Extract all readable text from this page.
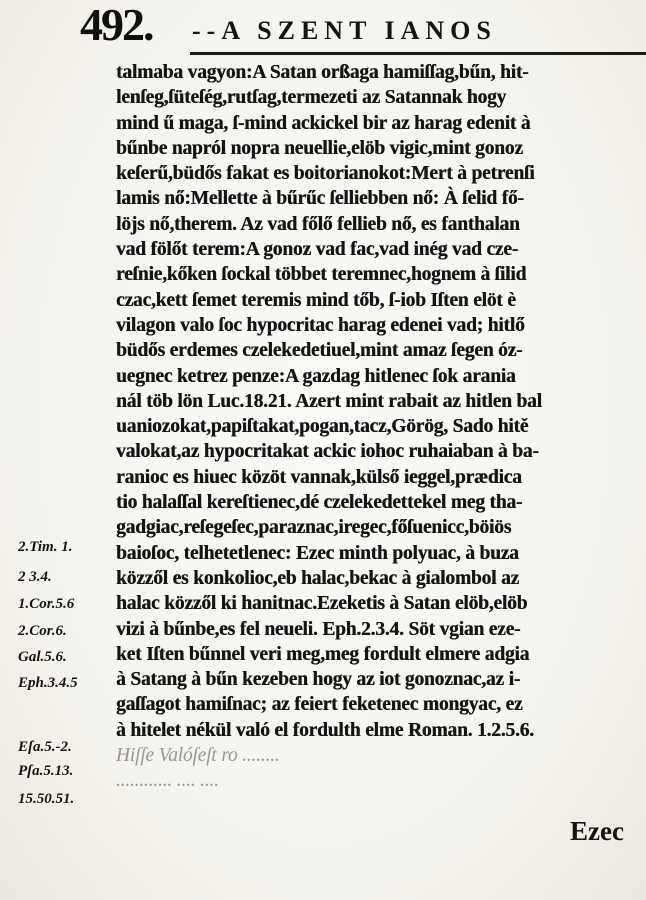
492. --A SZENT IANOS
talmaba vagyon:A Satan orßaga hamiſſag,bűn, hit-
lenſeg,ſüteſég,rutſag,termezeti az Satannak hogy
mind ű maga, ſ-mind ackickel bir az harag edenit à
bűnbe napról nopra neuellie,elöb vigic,mint gonoz
keſerű,büdős fakat es boitorianokot:Mert à petrenſi
lamis nő:Mellette à bűrűc ſelliebben nő: À ſelid fő-
löjs nő,therem. Az vad főlő fellieb nő, es fanthalan
vad fölőt terem:A gonoz vad fac,vad inég vad cze-
reſnie,kőken ſockal többet teremnec,hognem à ſilid
czac,kett ſemet teremis mind tőb, ſ-iob Iſten elöt è
vilagon valo ſoc hypocritac harag edenei vad; hitlő
büdős erdemes czelekedetiuel,mint amaz ſegen óz-
uegnec ketrez penze:A gazdag hitlenec ſok arania
nál töb lön Luc.18.21. Azert mint rabait az hitlen bal
uaniozokat,papiſtakat,pogan,tacz,Görög, Sado hitě
valokat,az hypocritakat ackic iohoc ruhaiaban à ba-
ranioc es hiuec közöt vannak,külső ieggel,prædica
tio halaſſal kereſtienec,dé czelekedettekel meg tha-
gadgiac,reſegeſec,paraznac,iregec,főſuenicc,böiös
baioſoc, telhetetlenec: Ezec minth polyuac, à buza
közzől es konkolioc,eb halac,bekac à gialombol az
halac közzől ki hanitnac.Ezeketis à Satan elöb,elöb
vizi à bűnbe,es fel neueli. Eph.2.3.4. Söt vgian eze-
ket Iſten bűnnel veri meg,meg fordult elmere adgia
à Satang à bűn kezeben hogy az iot gonoznac,az i-
gaſſagot hamiſnac; az feiert feketenec mongyac, ez
à hitelet nékül való el fordulth elme Roman. 1.2.5.6.
Hiſſe Valóſeſt ro ........
............ .... ....
2.Tim. 1.
2 3.4.
1.Cor.5.6
2.Cor.6.
Gal.5.6.
Eph.3.4.5
Eſa.5.-2.
Pſa.5.13.
15.50.51.
Ezec
